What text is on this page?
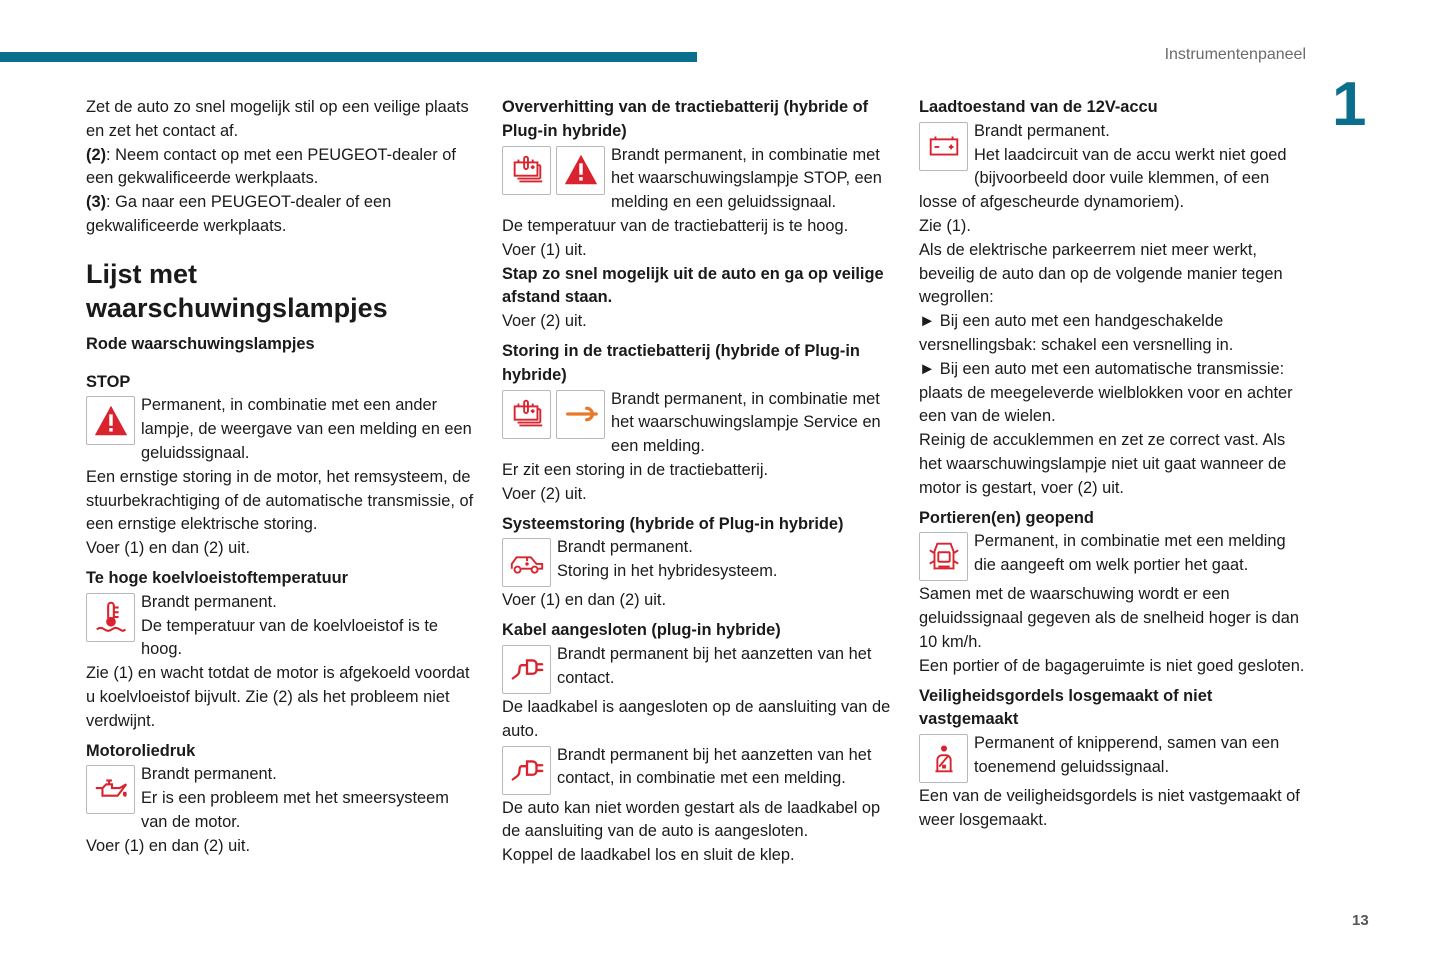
Instrumentenpaneel
1
13

Zet de auto zo snel mogelijk stil op een veilige plaats en zet het contact af.

(2): Neem contact op met een PEUGEOT-dealer of een gekwalificeerde werkplaats.

(3): Ga naar een PEUGEOT-dealer of een gekwalificeerde werkplaats.

Lijst met waarschuwingslampjes

Rode waarschuwingslampjes

STOP

Permanent, in combinatie met een ander lampje, de weergave van een melding en een geluidssignaal.

Een ernstige storing in de motor, het remsysteem, de stuurbekrachtiging of de automatische transmissie, of een ernstige elektrische storing.

Voer (1) en dan (2) uit.

Te hoge koelvloeistoftemperatuur

Brandt permanent.
De temperatuur van de koelvloeistof is te hoog.

Zie (1) en wacht totdat de motor is afgekoeld voordat u koelvloeistof bijvult. Zie (2) als het probleem niet verdwijnt.

Motoroliedruk

Brandt permanent.
Er is een probleem met het smeersysteem van de motor.

Voer (1) en dan (2) uit.

Oververhitting van de tractiebatterij (hybride of Plug-in hybride)

Brandt permanent, in combinatie met het waarschuwingslampje STOP, een melding en een geluidssignaal.

De temperatuur van de tractiebatterij is te hoog.

Voer (1) uit.

Stap zo snel mogelijk uit de auto en ga op veilige afstand staan.

Voer (2) uit.

Storing in de tractiebatterij (hybride of Plug-in hybride)

Brandt permanent, in combinatie met het waarschuwingslampje Service en een melding.

Er zit een storing in de tractiebatterij.

Voer (2) uit.

Systeemstoring (hybride of Plug-in hybride)

Brandt permanent.
Storing in het hybridesysteem.

Voer (1) en dan (2) uit.

Kabel aangesloten (plug-in hybride)

Brandt permanent bij het aanzetten van het contact.

De laadkabel is aangesloten op de aansluiting van de auto.

Brandt permanent bij het aanzetten van het contact, in combinatie met een melding.

De auto kan niet worden gestart als de laadkabel op de aansluiting van de auto is aangesloten.

Koppel de laadkabel los en sluit de klep.

Laadtoestand van de 12V-accu

Brandt permanent.
Het laadcircuit van de accu werkt niet goed (bijvoorbeeld door vuile klemmen, of een losse of afgescheurde dynamoriem).

Zie (1).

Als de elektrische parkeerrem niet meer werkt, beveilig de auto dan op de volgende manier tegen wegrollen:

► Bij een auto met een handgeschakelde versnellingsbak: schakel een versnelling in.

► Bij een auto met een automatische transmissie: plaats de meegeleverde wielblokken voor en achter een van de wielen.

Reinig de accuklemmen en zet ze correct vast. Als het waarschuwingslampje niet uit gaat wanneer de motor is gestart, voer (2) uit.

Portieren(en) geopend

Permanent, in combinatie met een melding die aangeeft om welk portier het gaat.

Samen met de waarschuwing wordt er een geluidssignaal gegeven als de snelheid hoger is dan 10 km/h.

Een portier of de bagageruimte is niet goed gesloten.

Veiligheidsgordels losgemaakt of niet vastgemaakt

Permanent of knipperend, samen van een toenemend geluidssignaal.

Een van de veiligheidsgordels is niet vastgemaakt of weer losgemaakt.
